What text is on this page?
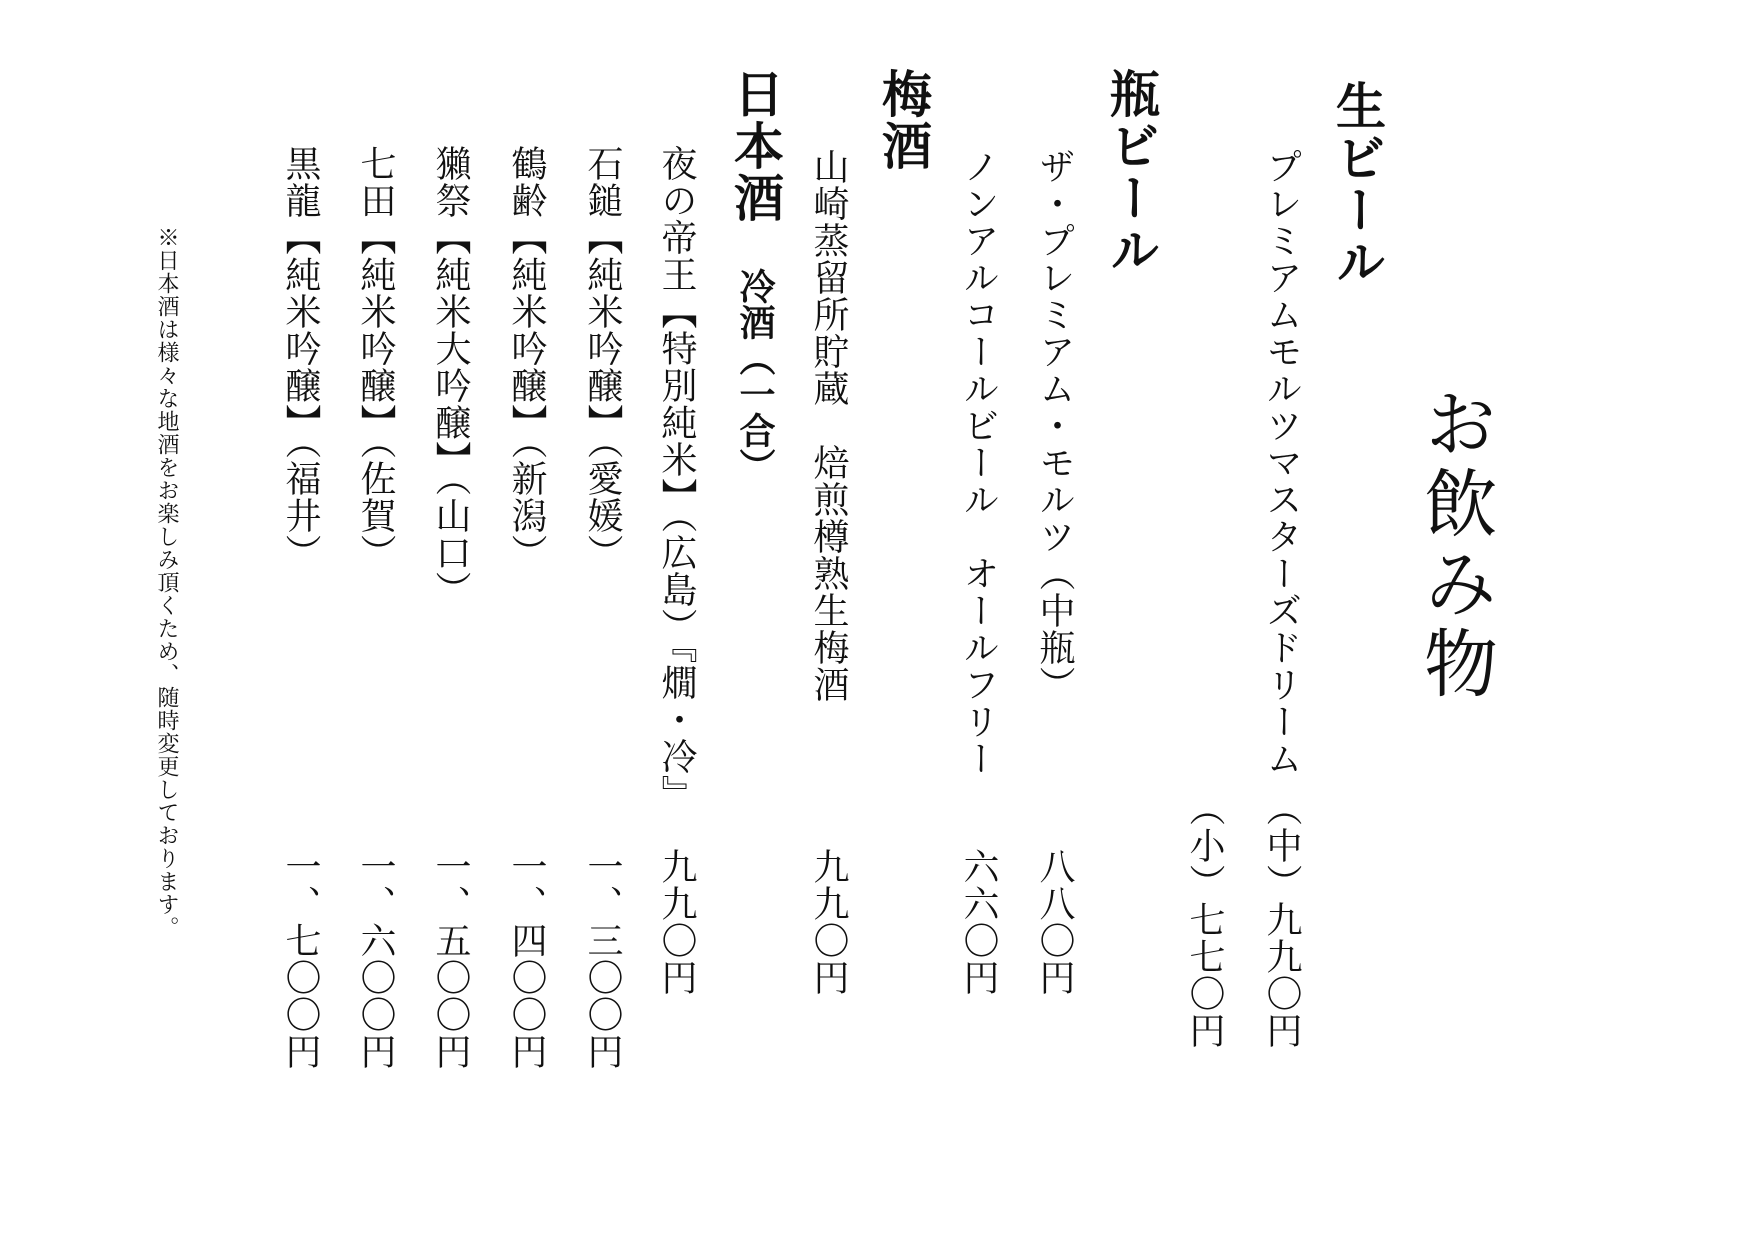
お飲み物
生ビール
プレミアムモルツマスターズドリーム
（中）九九〇円
（小）七七〇円
瓶ビール
ザ・プレミアム・モルツ（中瓶）
八八〇円
ノンアルコールビール　オールフリー
六六〇円
梅酒
山崎蒸留所貯蔵　焙煎樽熟生梅酒
九九〇円
日本酒
冷酒（一合）
夜の帝王【特別純米】（広島）『燗・冷』
九九〇円
石鎚【純米吟醸】（愛媛）
一、三〇〇円
鶴齢【純米吟醸】（新潟）
一、四〇〇円
獺祭【純米大吟醸】（山口）
一、五〇〇円
七田【純米吟醸】（佐賀）
一、六〇〇円
黒龍【純米吟醸】（福井）
一、七〇〇円
※日本酒は様々な地酒をお楽しみ頂くため、随時変更しております。
